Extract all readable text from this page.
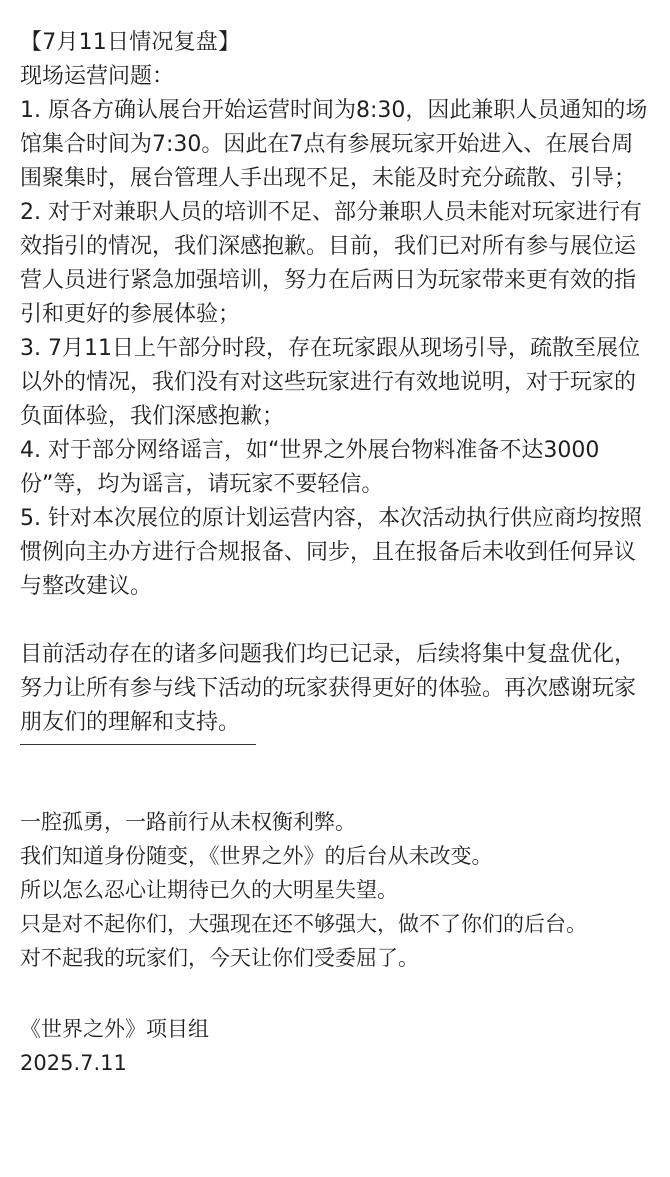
【7月11日情况复盘】

现场运营问题：

1. 原各方确认展台开始运营时间为8:30，因此兼职人员通知的场馆集合时间为7:30。因此在7点有参展玩家开始进入、在展台周围聚集时，展台管理人手出现不足，未能及时充分疏散、引导；
2. 对于对兼职人员的培训不足、部分兼职人员未能对玩家进行有效指引的情况，我们深感抱歉。目前，我们已对所有参与展位运营人员进行紧急加强培训，努力在后两日为玩家带来更有效的指引和更好的参展体验；
3. 7月11日上午部分时段，存在玩家跟从现场引导，疏散至展位以外的情况，我们没有对这些玩家进行有效地说明，对于玩家的负面体验，我们深感抱歉；
4. 对于部分网络谣言，如“世界之外展台物料准备不达3000份”等，均为谣言，请玩家不要轻信。
5. 针对本次展位的原计划运营内容，本次活动执行供应商均按照惯例向主办方进行合规报备、同步，且在报备后未收到任何异议与整改建议。

目前活动存在的诸多问题我们均已记录，后续将集中复盘优化，努力让所有参与线下活动的玩家获得更好的体验。再次感谢玩家朋友们的理解和支持。

一腔孤勇，一路前行从未权衡利弊。
我们知道身份随变，《世界之外》的后台从未改变。
所以怎么忍心让期待已久的大明星失望。
只是对不起你们，大强现在还不够强大，做不了你们的后台。
对不起我的玩家们，今天让你们受委屈了。

《世界之外》项目组

2025.7.11
